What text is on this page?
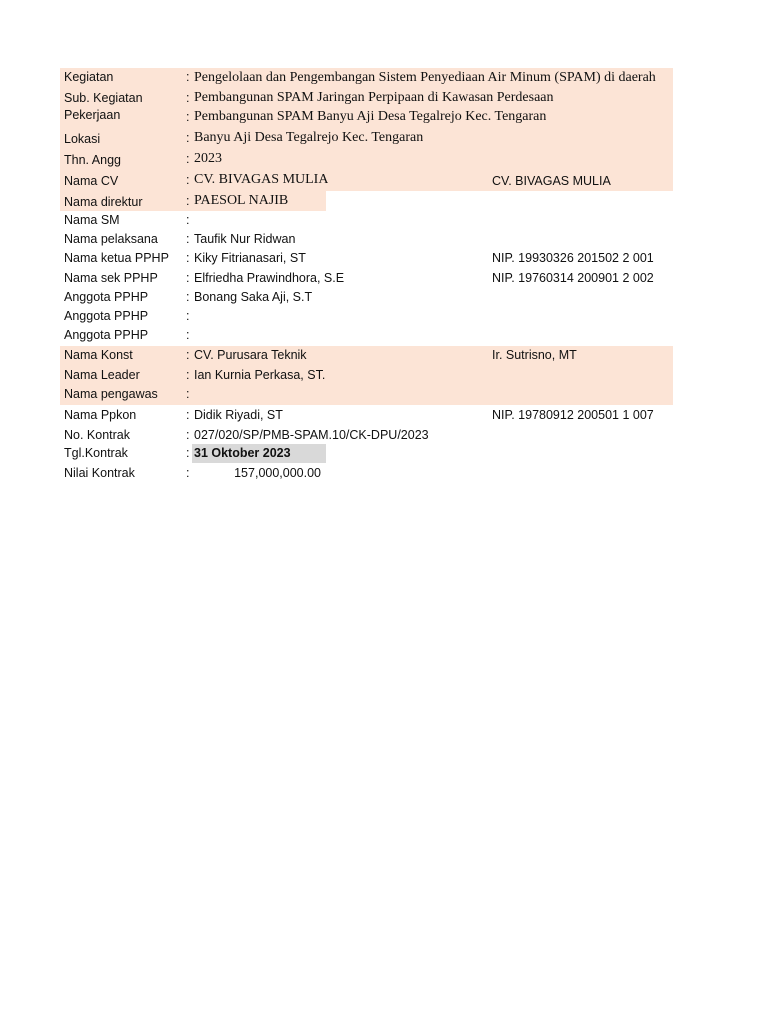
Kegiatan	: Pengelolaan dan Pengembangan Sistem Penyediaan Air Minum (SPAM) di daerah
Sub. Kegiatan	: Pembangunan SPAM Jaringan Perpipaan di Kawasan Perdesaan
Pekerjaan	: Pembangunan SPAM Banyu Aji Desa Tegalrejo Kec. Tengaran
Lokasi	: Banyu Aji Desa Tegalrejo Kec. Tengaran
Thn. Angg	: 2023
Nama CV	: CV. BIVAGAS MULIA	CV. BIVAGAS MULIA
Nama direktur	: PAESOL NAJIB
Nama SM	:
Nama pelaksana : Taufik Nur Ridwan
Nama ketua PPHP : Kiky Fitrianasari, ST	NIP. 19930326 201502 2 001
Nama sek PPHP : Elfriedha Prawindhora, S.E	NIP. 19760314 200901 2 002
Anggota PPHP	: Bonang Saka Aji, S.T
Anggota PPHP	:
Anggota PPHP	:
Nama Konst	: CV. Purusara Teknik	Ir. Sutrisno, MT
Nama Leader	: Ian Kurnia Perkasa, ST.
Nama pengawas :
Nama Ppkon	: Didik Riyadi, ST	NIP. 19780912 200501 1 007
No. Kontrak	: 027/020/SP/PMB-SPAM.10/CK-DPU/2023
Tgl.Kontrak	: 31 Oktober 2023
Nilai Kontrak	:	157,000,000.00
